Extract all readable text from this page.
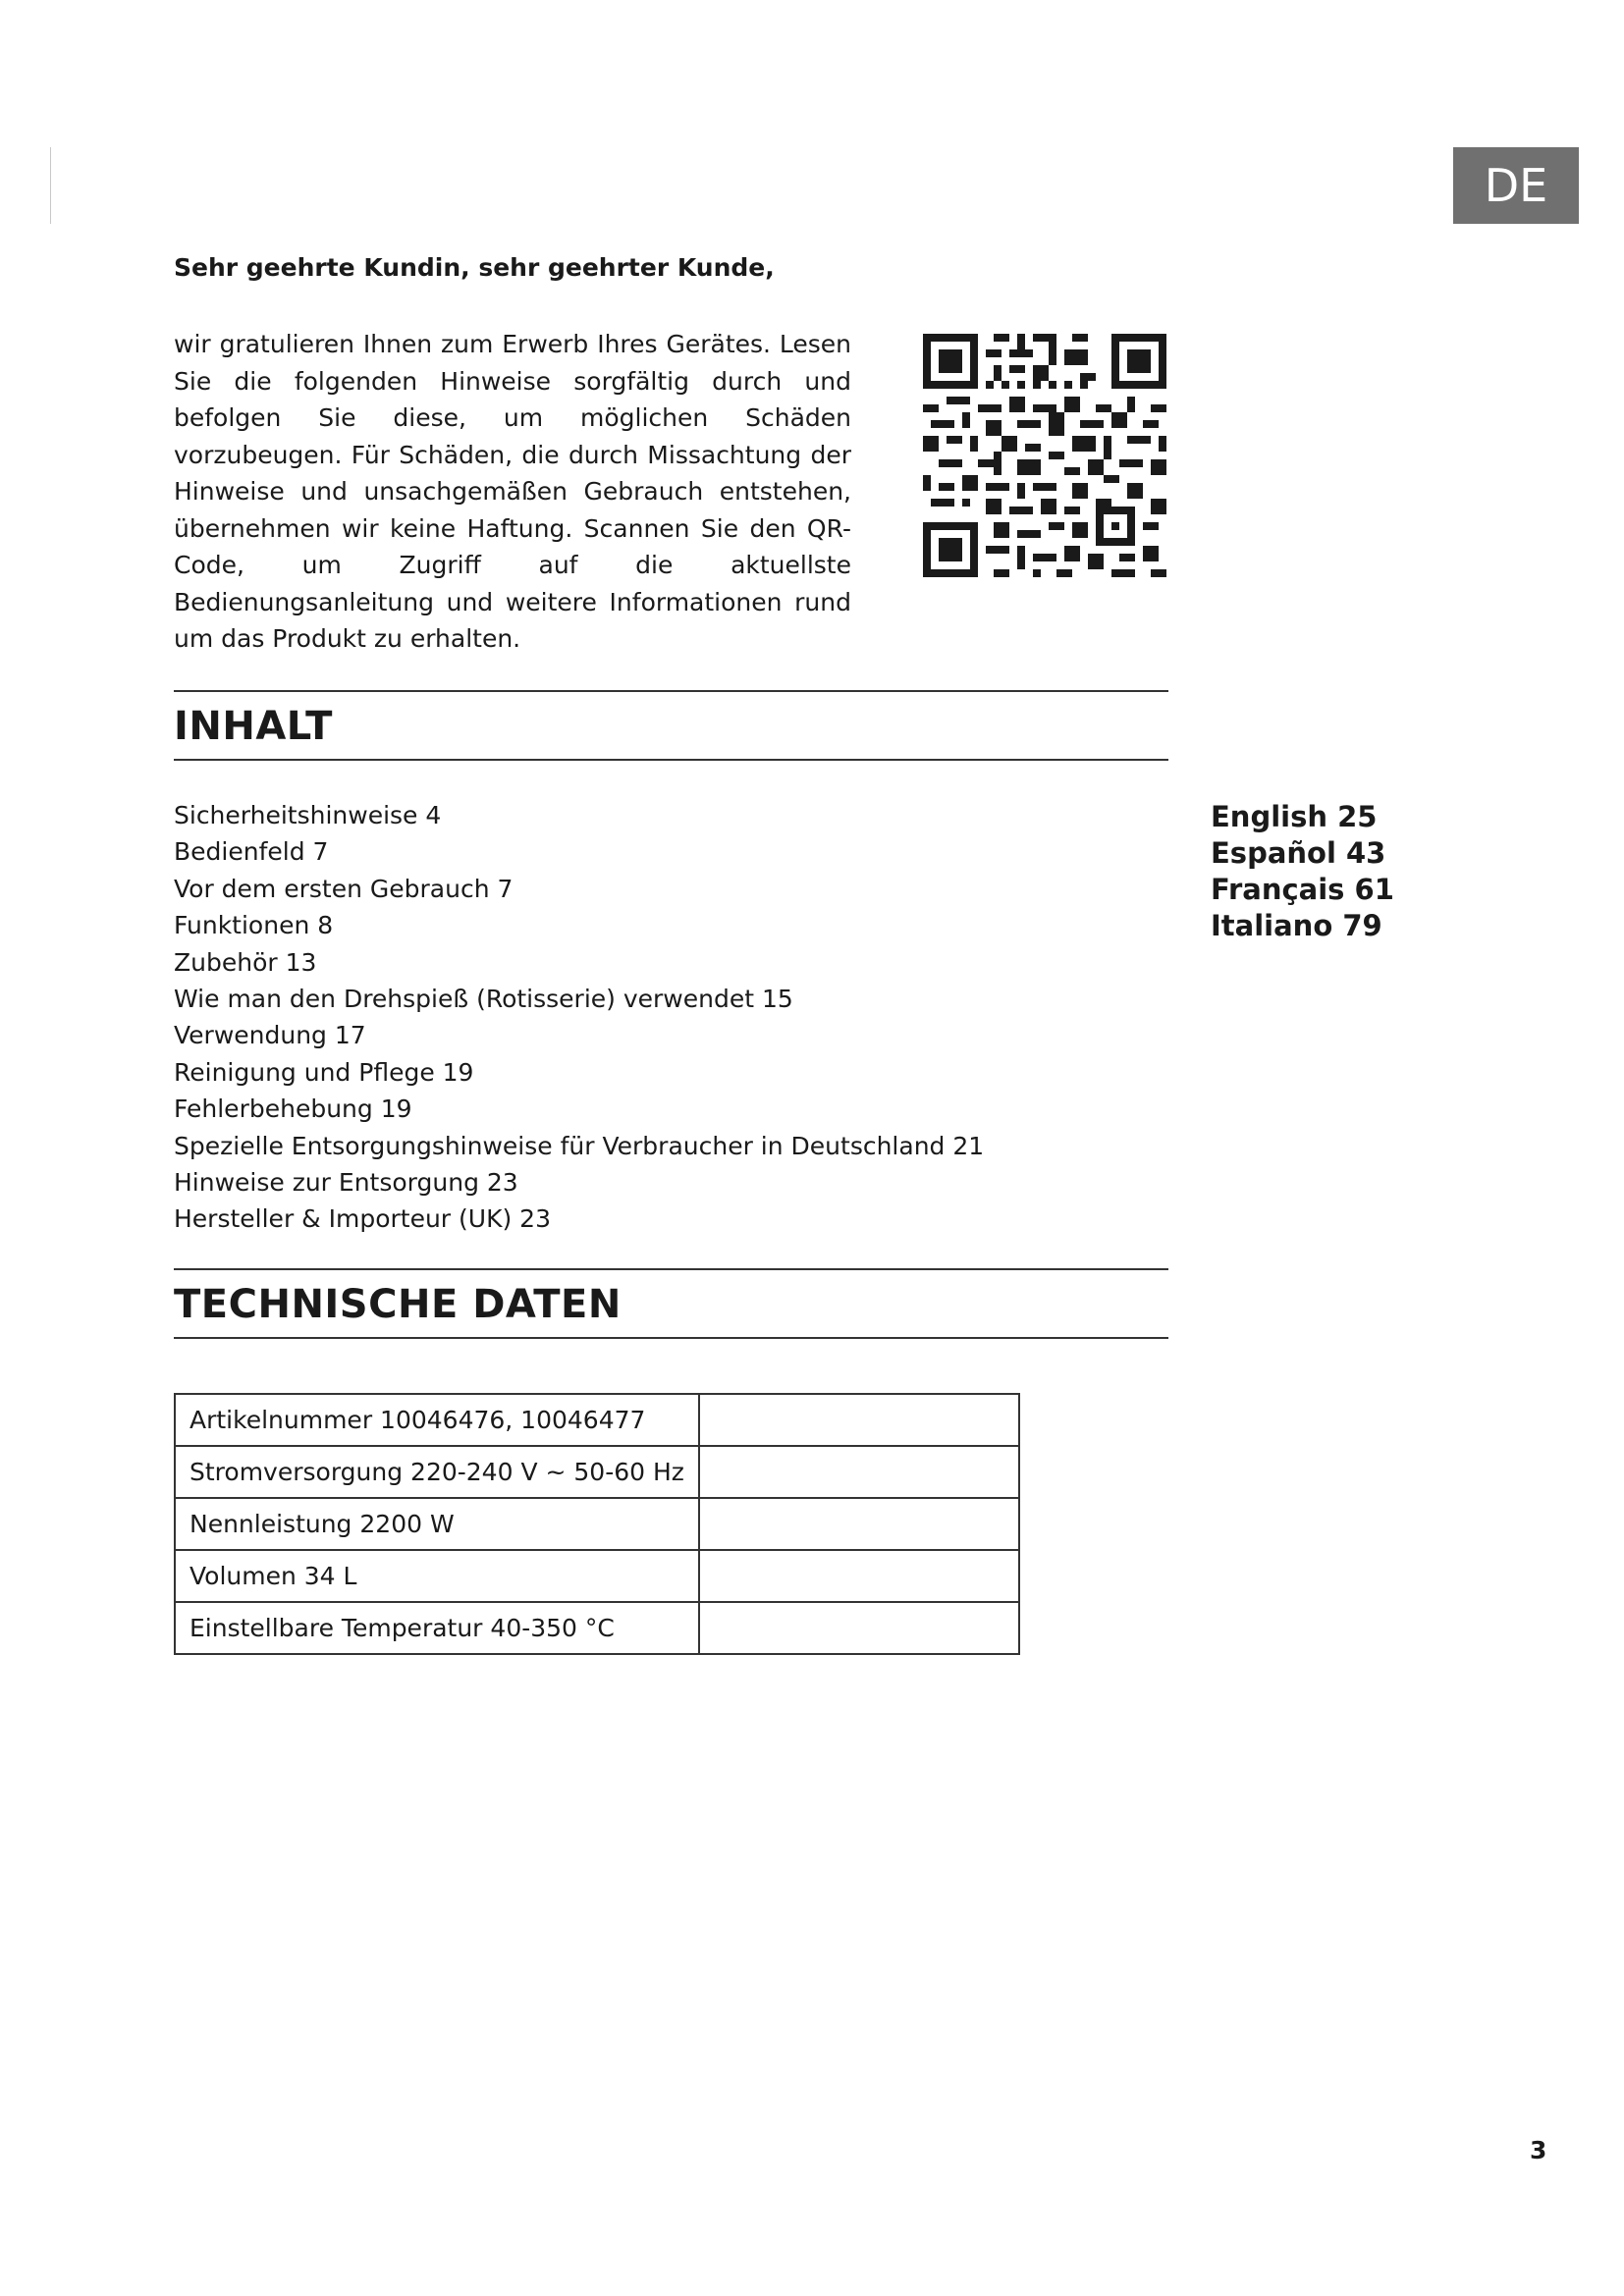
DE
Sehr geehrte Kundin, sehr geehrter Kunde,

wir gratulieren Ihnen zum Erwerb Ihres Gerätes. Lesen Sie die folgenden Hinweise sorgfältig durch und befolgen Sie diese, um möglichen Schäden vorzubeugen. Für Schäden, die durch Missachtung der Hinweise und unsachgemäßen Gebrauch entstehen, übernehmen wir keine Haftung. Scannen Sie den QR-Code, um Zugriff auf die aktuellste Bedienungsanleitung und weitere Informationen rund um das Produkt zu erhalten.

INHALT
Sicherheitshinweise 4
Bedienfeld 7
Vor dem ersten Gebrauch 7
Funktionen 8
Zubehör 13
Wie man den Drehspieß (Rotisserie) verwendet 15
Verwendung 17
Reinigung und Pflege 19
Fehlerbehebung 19
Spezielle Entsorgungshinweise für Verbraucher in Deutschland 21
Hinweise zur Entsorgung 23
Hersteller & Importeur (UK) 23
English 25
Español 43
Français 61
Italiano 79
TECHNISCHE DATEN
Artikelnummer 10046476, 10046477	
Stromversorgung 220-240 V ~ 50-60 Hz	
Nennleistung 2200 W	
Volumen 34 L	
Einstellbare Temperatur 40-350 °C	
3
